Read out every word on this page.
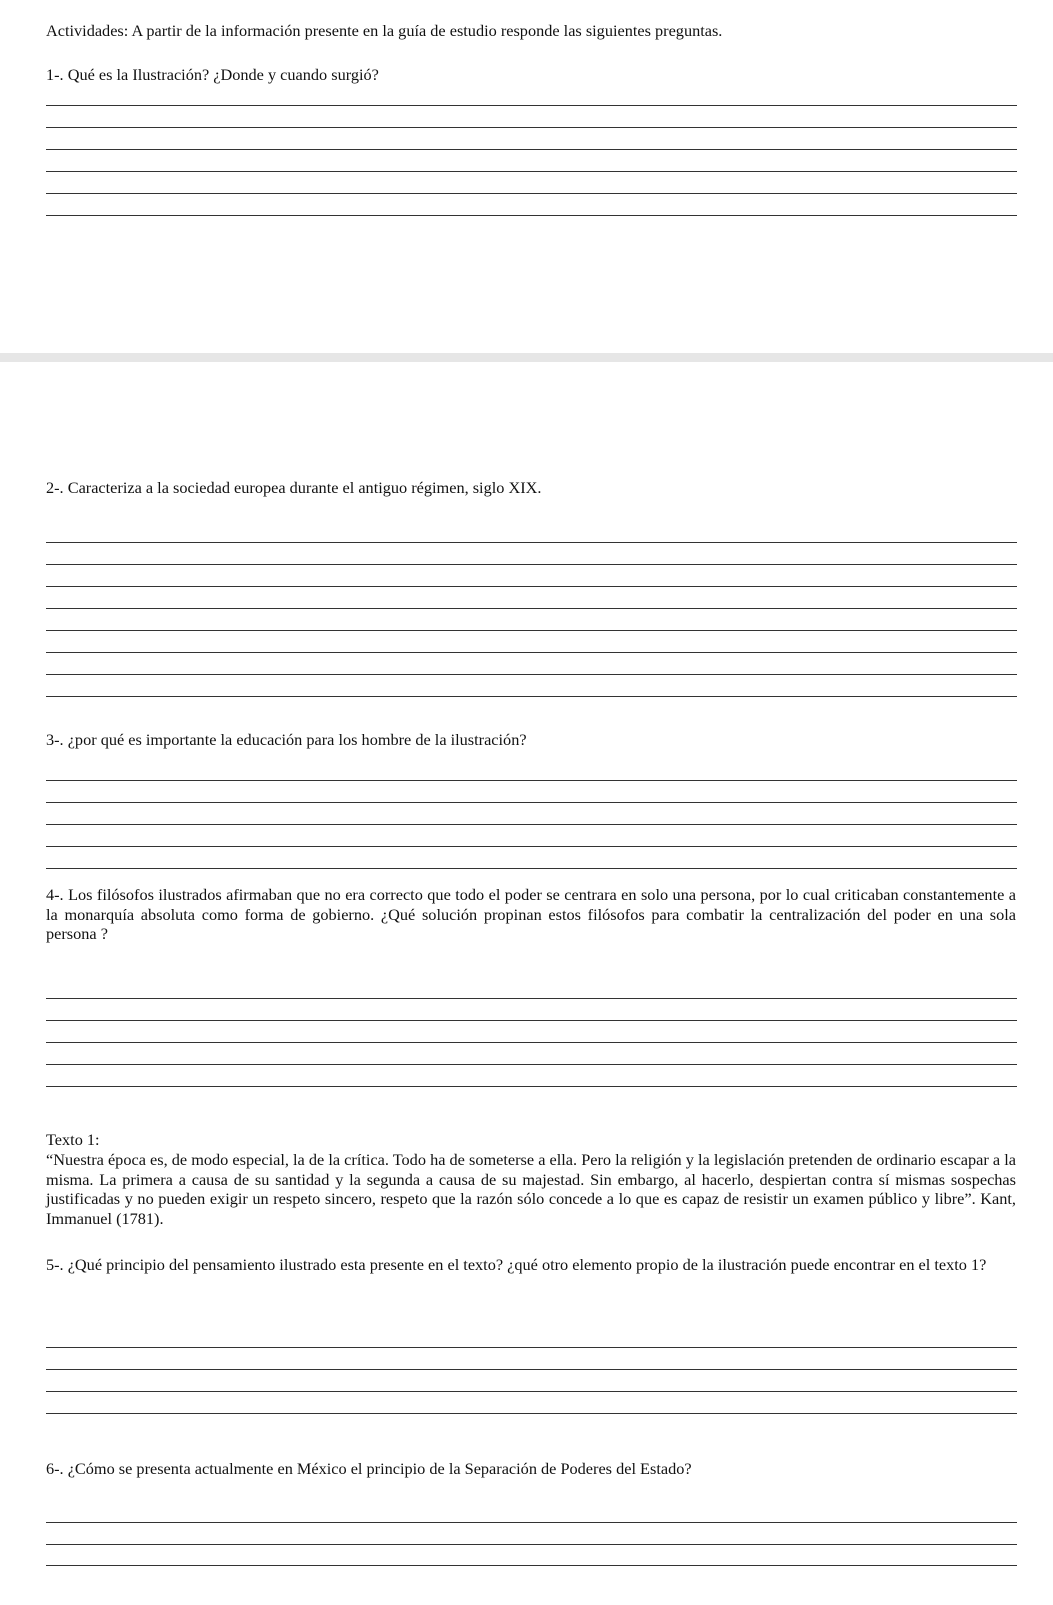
Actividades: A partir de la información presente en la guía de estudio responde las siguientes preguntas.

1-. Qué es la Ilustración? ¿Donde y cuando surgió?

2-. Caracteriza a la sociedad europea durante el antiguo régimen, siglo XIX.

3-. ¿por qué es importante la educación para los hombre de la ilustración?

4-. Los filósofos ilustrados afirmaban que no era correcto que todo el poder se centrara en solo una persona, por lo cual criticaban constantemente a la monarquía absoluta como forma de gobierno. ¿Qué solución propinan estos filósofos para combatir la centralización del poder en una sola persona ?

Texto 1:

“Nuestra época es, de modo especial, la de la crítica. Todo ha de someterse a ella. Pero la religión y la legislación pretenden de ordinario escapar a la misma. La primera a causa de su santidad y la segunda a causa de su majestad. Sin embargo, al hacerlo, despiertan contra sí mismas sospechas justificadas y no pueden exigir un respeto sincero, respeto que la razón sólo concede a lo que es capaz de resistir un examen público y libre”. Kant, Immanuel (1781).

5-. ¿Qué principio del pensamiento ilustrado esta presente en el texto? ¿qué otro elemento propio de la ilustración puede encontrar en el texto 1?

6-. ¿Cómo se presenta actualmente en México el principio de la Separación de Poderes del Estado?
